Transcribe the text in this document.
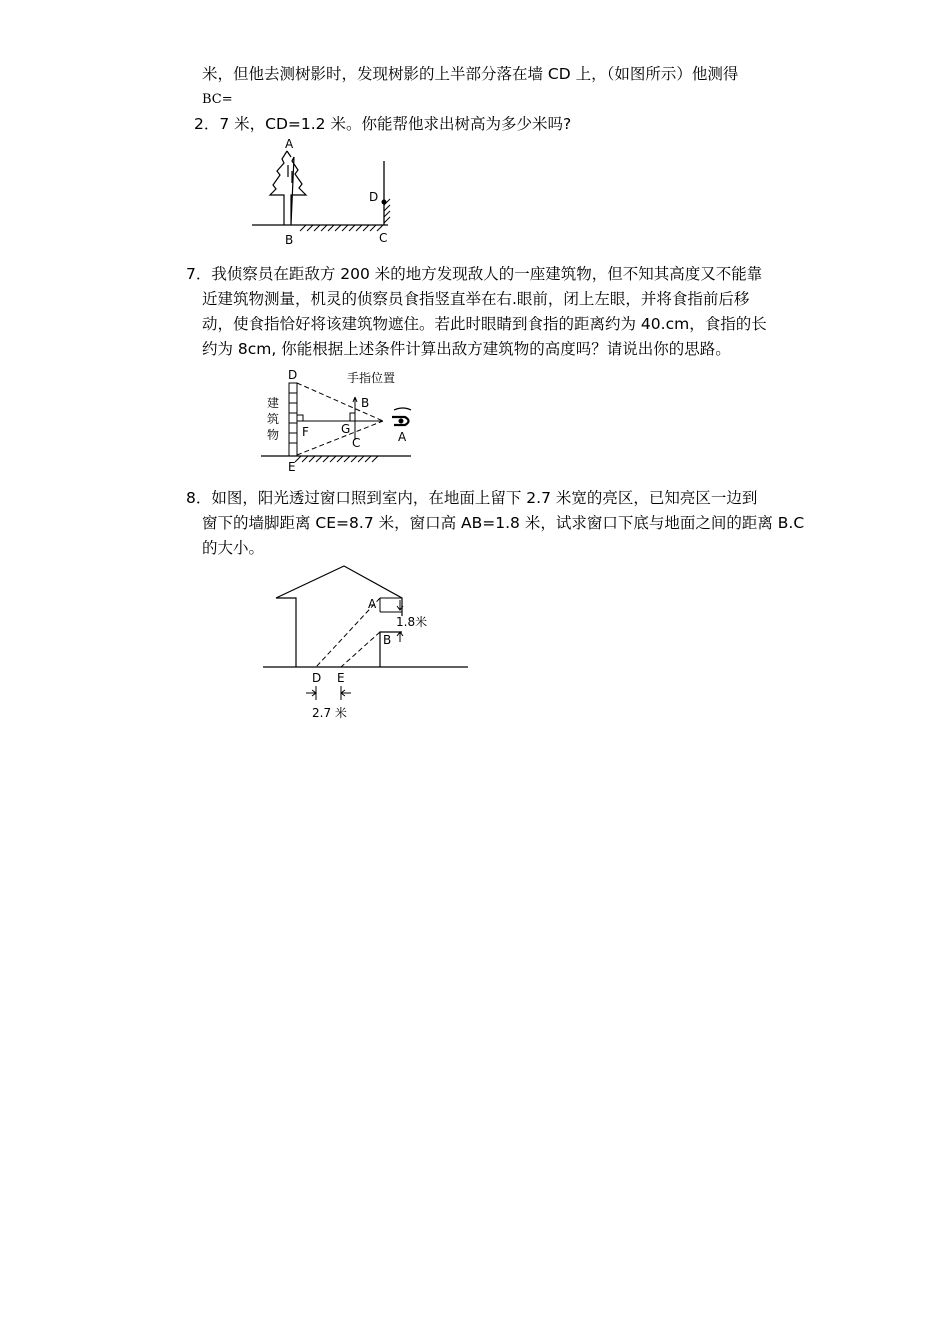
米，但他去测树影时，发现树影的上半部分落在墙 CD 上，（如图所示）他测得
BC=
2．7 米，CD=1.2 米。你能帮他求出树高为多少米吗?
A
B	C
D
7．我侦察员在距敌方 200 米的地方发现敌人的一座建筑物，但不知其高度又不能靠
近建筑物测量，机灵的侦察员食指竖直举在右.眼前，闭上左眼，并将食指前后移
动，使食指恰好将该建筑物遮住。若此时眼睛到食指的距离约为 40.cm，食指的长
约为 8cm, 你能根据上述条件计算出敌方建筑物的高度吗？请说出你的思路。
手指位置
建
筑
物
D
E
F	G
B
C	A
8．如图，阳光透过窗口照到室内，在地面上留下 2.7 米宽的亮区，已知亮区一边到
窗下的墙脚距离 CE=8.7 米，窗口高 AB=1.8 米，试求窗口下底与地面之间的距离 B.C
的大小。
A
B
D E
1.8米
2.7 米
